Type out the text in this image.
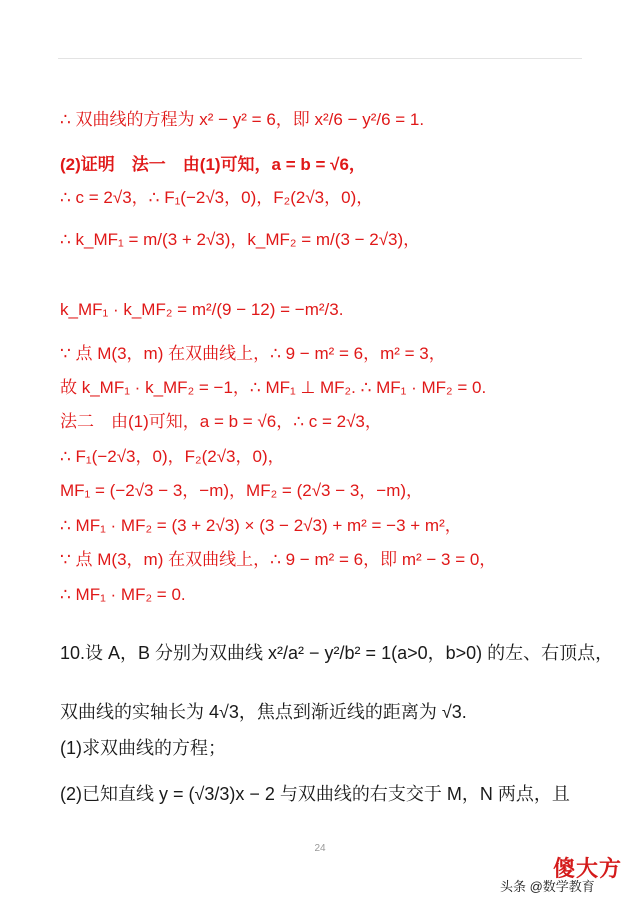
∴ 双曲线的方程为 x² − y² = 6，即 x²/6 − y²/6 = 1.
(2)证明　法一　由(1)可知，a = b = √6，
∴ c = 2√3，∴ F₁(−2√3，0)，F₂(2√3，0)，
∴ k_MF₁ = m/(3 + 2√3)，k_MF₂ = m/(3 − 2√3)，
k_MF₁ · k_MF₂ = m²/(9 − 12) = −m²/3.
∵ 点 M(3，m) 在双曲线上，∴ 9 − m² = 6，m² = 3，
故 k_MF₁ · k_MF₂ = −1，∴ MF₁ ⊥ MF₂. ∴ MF₁ · MF₂ = 0.
法二　由(1)可知，a = b = √6，∴ c = 2√3，
∴ F₁(−2√3，0)，F₂(2√3，0)，
MF₁ = (−2√3 − 3，−m)，MF₂ = (2√3 − 3，−m)，
∴ MF₁ · MF₂ = (3 + 2√3) × (3 − 2√3) + m² = −3 + m²，
∵ 点 M(3，m) 在双曲线上，∴ 9 − m² = 6，即 m² − 3 = 0，
∴ MF₁ · MF₂ = 0.
10.设 A，B 分别为双曲线 x²/a² − y²/b² = 1(a>0，b>0) 的左、右顶点，
双曲线的实轴长为 4√3，焦点到渐近线的距离为 √3.
(1)求双曲线的方程；
(2)已知直线 y = (√3/3)x − 2 与双曲线的右支交于 M，N 两点，且
24
傻大方
头条 @数学教育
